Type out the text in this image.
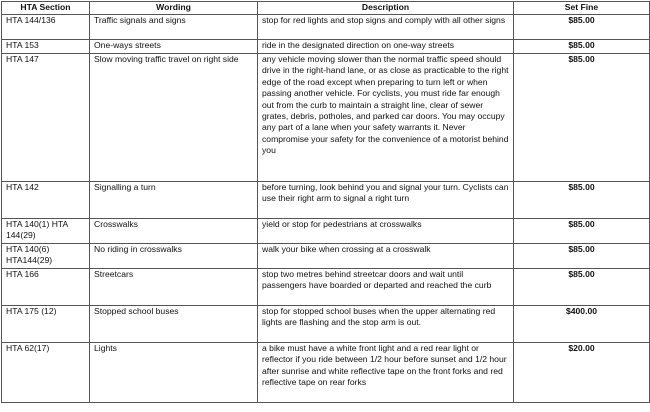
HTA Section	Wording	Description	Set Fine
HTA 144/136	Traffic signals and signs	stop for red lights and stop signs and comply with all other signs	$85.00
HTA 153	One-ways streets	ride in the designated direction on one-way streets	$85.00
HTA 147	Slow moving traffic travel on right side	any vehicle moving slower than the normal traffic speed should drive in the right-hand lane, or as close as practicable to the right edge of the road except when preparing to turn left or when passing another vehicle. For cyclists, you must ride far enough out from the curb to maintain a straight line, clear of sewer grates, debris, potholes, and parked car doors. You may occupy any part of a lane when your safety warrants it. Never compromise your safety for the convenience of a motorist behind you	$85.00
HTA 142	Signalling a turn	before turning, look behind you and signal your turn. Cyclists can use their right arm to signal a right turn	$85.00
HTA 140(1) HTA 144(29)	Crosswalks	yield or stop for pedestrians at crosswalks	$85.00
HTA 140(6) HTA144(29)	No riding in crosswalks	walk your bike when crossing at a crosswalk	$85.00
HTA 166	Streetcars	stop two metres behind streetcar doors and wait until passengers have boarded or departed and reached the curb	$85.00
HTA 175 (12)	Stopped school buses	stop for stopped school buses when the upper alternating red lights are flashing and the stop arm is out.	$400.00
HTA 62(17)	Lights	a bike must have a white front light and a red rear light or reflector if you ride between 1/2 hour before sunset and 1/2 hour after sunrise and white reflective tape on the front forks and red reflective tape on rear forks	$20.00
